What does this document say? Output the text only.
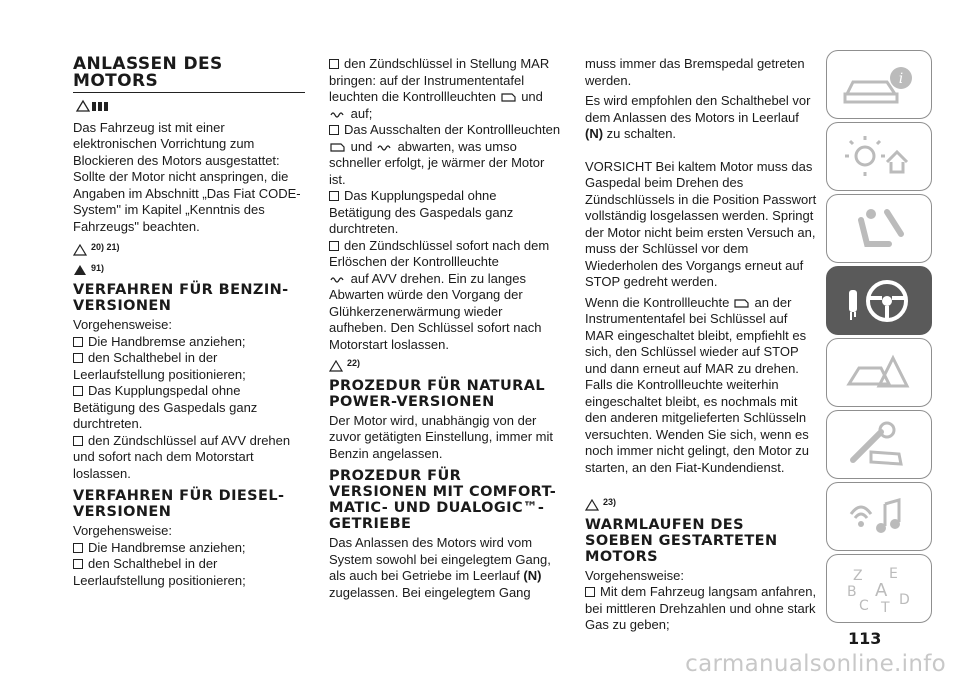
ANLASSEN DES MOTORS

Das Fahrzeug ist mit einer elektronischen Vorrichtung zum Blockieren des Motors ausgestattet: Sollte der Motor nicht anspringen, die Angaben im Abschnitt „Das Fiat CODE-System" im Kapitel „Kenntnis des Fahrzeugs" beachten.

20) 21)
91)
VERFAHREN FÜR BENZIN-VERSIONEN

Vorgehensweise:

Die Handbremse anziehen;

den Schalthebel in der Leerlaufstellung positionieren;

Das Kupplungspedal ohne Betätigung des Gaspedals ganz durchtreten.

den Zündschlüssel auf AVV drehen und sofort nach dem Motorstart loslassen.

VERFAHREN FÜR DIESEL-VERSIONEN

Vorgehensweise:

Die Handbremse anziehen;

den Schalthebel in der Leerlaufstellung positionieren;

den Zündschlüssel in Stellung MAR bringen: auf der Instrumententafel leuchten die Kontrollleuchten und
auf;

Das Ausschalten der Kontrollleuchten
und abwarten, was umso schneller erfolgt, je wärmer der Motor ist.

Das Kupplungspedal ohne Betätigung des Gaspedals ganz durchtreten.

den Zündschlüssel sofort nach dem Erlöschen der Kontrollleuchte
auf AVV drehen. Ein zu langes Abwarten würde den Vorgang der Glühkerzenerwärmung wieder aufheben. Den Schlüssel sofort nach Motorstart loslassen.

22)
PROZEDUR FÜR NATURAL POWER-VERSIONEN

Der Motor wird, unabhängig von der zuvor getätigten Einstellung, immer mit Benzin angelassen.

PROZEDUR FÜR VERSIONEN MIT COMFORT-MATIC- UND DUALOGIC™-GETRIEBE

Das Anlassen des Motors wird vom System sowohl bei eingelegtem Gang, als auch bei Getriebe im Leerlauf (N) zugelassen. Bei eingelegtem Gang

muss immer das Bremspedal getreten werden.

Es wird empfohlen den Schalthebel vor dem Anlassen des Motors in Leerlauf (N) zu schalten.

VORSICHT Bei kaltem Motor muss das Gaspedal beim Drehen des Zündschlüssels in die Position Passwort vollständig losgelassen werden. Springt der Motor nicht beim ersten Versuch an, muss der Schlüssel vor dem Wiederholen des Vorgangs erneut auf STOP gedreht werden.

Wenn die Kontrollleuchte an der Instrumententafel bei Schlüssel auf MAR eingeschaltet bleibt, empfiehlt es sich, den Schlüssel wieder auf STOP und dann erneut auf MAR zu drehen. Falls die Kontrollleuchte weiterhin eingeschaltet bleibt, es nochmals mit den anderen mitgelieferten Schlüsseln versuchten. Wenden Sie sich, wenn es noch immer nicht gelingt, den Motor zu starten, an den Fiat-Kundendienst.

23)
WARMLAUFEN DES SOEBEN GESTARTETEN MOTORS

Vorgehensweise:

Mit dem Fahrzeug langsam anfahren, bei mittleren Drehzahlen und ohne stark Gas zu geben;

i
Z E
B A
C T D
113
carmanualsonline.info
